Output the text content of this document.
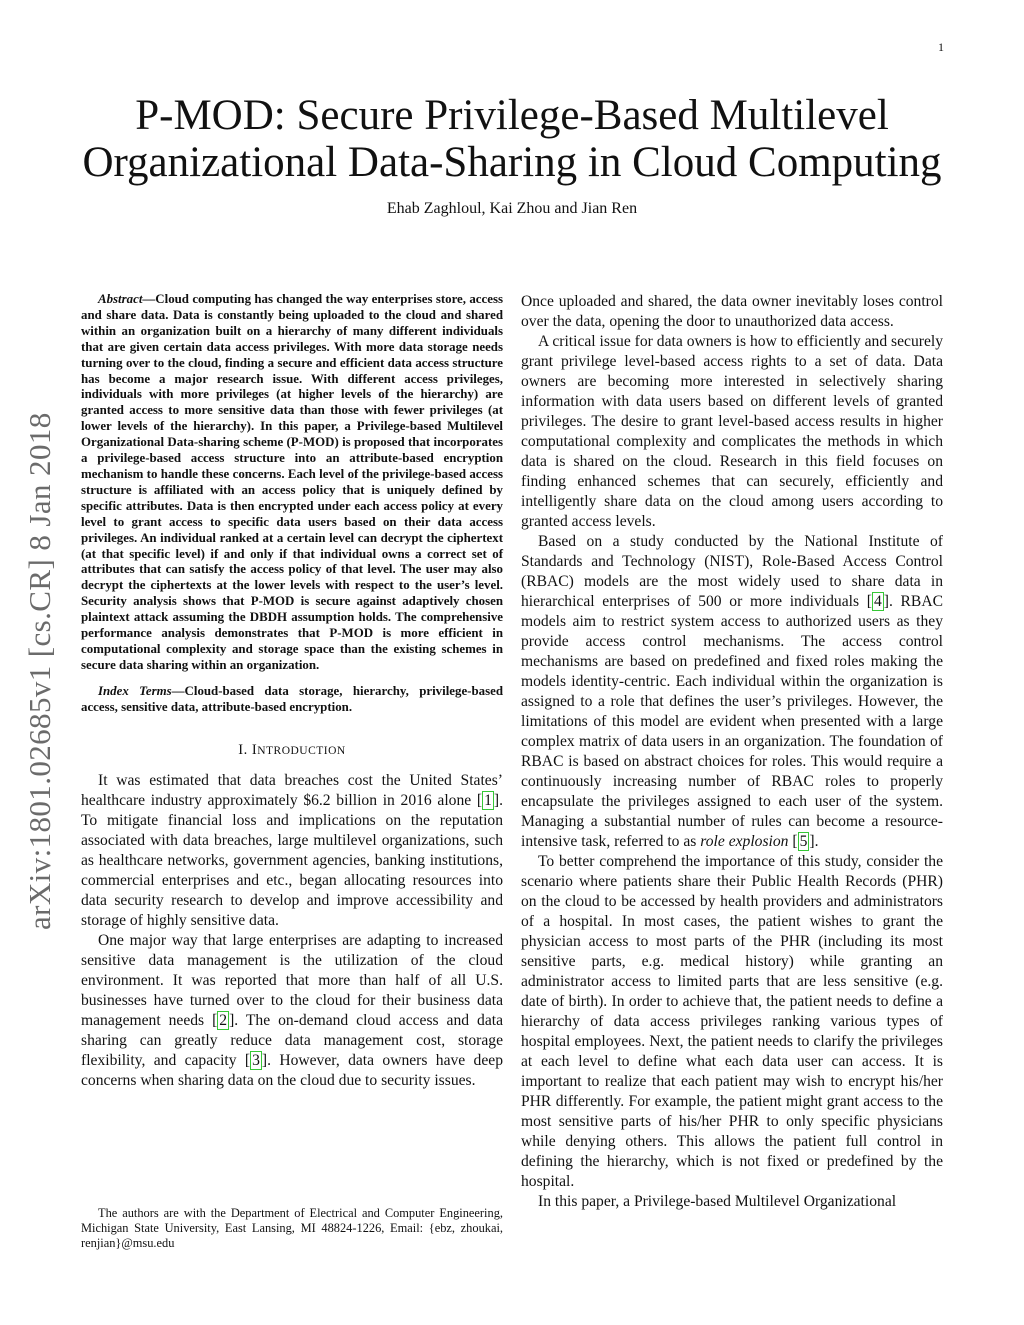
1
arXiv:1801.02685v1 [cs.CR] 8 Jan 2018
P-MOD: Secure Privilege-Based Multilevel Organizational Data-Sharing in Cloud Computing
Ehab Zaghloul, Kai Zhou and Jian Ren

Abstract—Cloud computing has changed the way enterprises store, access and share data. Data is constantly being uploaded to the cloud and shared within an organization built on a hierarchy of many different individuals that are given certain data access privileges. With more data storage needs turning over to the cloud, finding a secure and efficient data access structure has become a major research issue. With different access privileges, individuals with more privileges (at higher levels of the hierarchy) are granted access to more sensitive data than those with fewer privileges (at lower levels of the hierarchy). In this paper, a Privilege-based Multilevel Organizational Data-sharing scheme (P-MOD) is proposed that incorporates a privilege-based access structure into an attribute-based encryption mechanism to handle these concerns. Each level of the privilege-based access structure is affiliated with an access policy that is uniquely defined by specific attributes. Data is then encrypted under each access policy at every level to grant access to specific data users based on their data access privileges. An individual ranked at a certain level can decrypt the ciphertext (at that specific level) if and only if that individual owns a correct set of attributes that can satisfy the access policy of that level. The user may also decrypt the ciphertexts at the lower levels with respect to the user’s level. Security analysis shows that P-MOD is secure against adaptively chosen plaintext attack assuming the DBDH assumption holds. The comprehensive performance analysis demonstrates that P-MOD is more efficient in computational complexity and storage space than the existing schemes in secure data sharing within an organization.

Index Terms—Cloud-based data storage, hierarchy, privilege-based access, sensitive data, attribute-based encryption.

I. INTRODUCTION

It was estimated that data breaches cost the United States’ healthcare industry approximately $6.2 billion in 2016 alone [ 1 ]. To mitigate financial loss and implications on the reputation associated with data breaches, large multilevel organizations, such as healthcare networks, government agencies, banking institutions, commercial enterprises and etc., began allocating resources into data security research to develop and improve accessibility and storage of highly sensitive data.

One major way that large enterprises are adapting to increased sensitive data management is the utilization of the cloud environment. It was reported that more than half of all U.S. businesses have turned over to the cloud for their business data management needs [ 2 ]. The on-demand cloud access and data sharing can greatly reduce data management cost, storage flexibility, and capacity [ 3 ]. However, data owners have deep concerns when sharing data on the cloud due to security issues.

The authors are with the Department of Electrical and Computer Engineering, Michigan State University, East Lansing, MI 48824-1226, Email: {ebz, zhoukai, renjian}@msu.edu

Once uploaded and shared, the data owner inevitably loses control over the data, opening the door to unauthorized data access.

A critical issue for data owners is how to efficiently and securely grant privilege level-based access rights to a set of data. Data owners are becoming more interested in selectively sharing information with data users based on different levels of granted privileges. The desire to grant level-based access results in higher computational complexity and complicates the methods in which data is shared on the cloud. Research in this field focuses on finding enhanced schemes that can securely, efficiently and intelligently share data on the cloud among users according to granted access levels.

Based on a study conducted by the National Institute of Standards and Technology (NIST), Role-Based Access Control (RBAC) models are the most widely used to share data in hierarchical enterprises of 500 or more individuals [ 4 ]. RBAC models aim to restrict system access to authorized users as they provide access control mechanisms. The access control mechanisms are based on predefined and fixed roles making the models identity-centric. Each individual within the organization is assigned to a role that defines the user’s privileges. However, the limitations of this model are evident when presented with a large complex matrix of data users in an organization. The foundation of RBAC is based on abstract choices for roles. This would require a continuously increasing number of RBAC roles to properly encapsulate the privileges assigned to each user of the system. Managing a substantial number of rules can become a resource-intensive task, referred to as role explosion [ 5 ].

To better comprehend the importance of this study, consider the scenario where patients share their Public Health Records (PHR) on the cloud to be accessed by health providers and administrators of a hospital. In most cases, the patient wishes to grant the physician access to most parts of the PHR (including its most sensitive parts, e.g. medical history) while granting an administrator access to limited parts that are less sensitive (e.g. date of birth). In order to achieve that, the patient needs to define a hierarchy of data access privileges ranking various types of hospital employees. Next, the patient needs to clarify the privileges at each level to define what each data user can access. It is important to realize that each patient may wish to encrypt his/her PHR differently. For example, the patient might grant access to the most sensitive parts of his/her PHR to only specific physicians while denying others. This allows the patient full control in defining the hierarchy, which is not fixed or predefined by the hospital.

In this paper, a Privilege-based Multilevel Organizational
